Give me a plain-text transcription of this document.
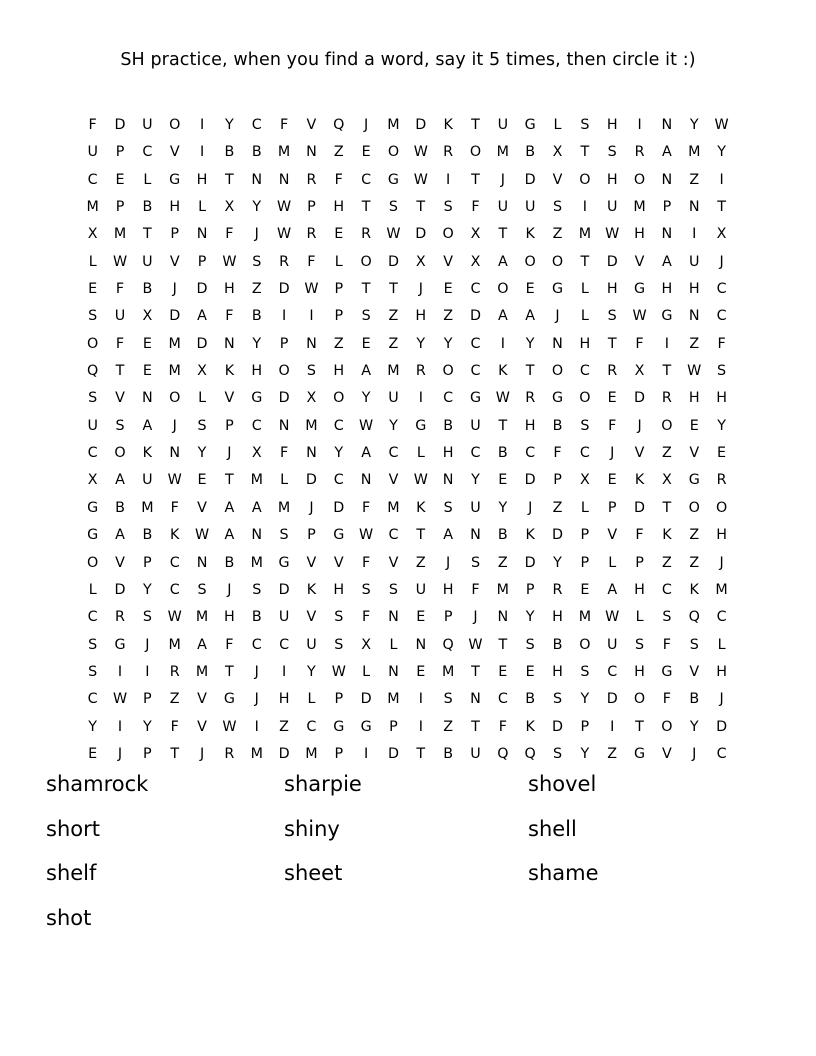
SH practice, when you find a word, say it 5 times, then circle it :)
F	D	U	O	I	Y	C	F	V	Q	J	M	D	K	T	U	G	L	S	H	I	N	Y	W
U	P	C	V	I	B	B	M	N	Z	E	O	W	R	O	M	B	X	T	S	R	A	M	Y
C	E	L	G	H	T	N	N	R	F	C	G	W	I	T	J	D	V	O	H	O	N	Z	I
M	P	B	H	L	X	Y	W	P	H	T	S	T	S	F	U	U	S	I	U	M	P	N	T
X	M	T	P	N	F	J	W	R	E	R	W	D	O	X	T	K	Z	M W	H	N	I	X
L	W	U	V	P	W	S	R	F	L	O	D	X	V	X	A	O	O	T	D	V	A	U	J
E	F	B	J	D	H	Z	D	W	P	T	T	J	E	C	O	E	G	L	H	G	H	H	C
S	U	X	D	A	F	B	I	I	P	S	Z	H	Z	D	A	A	J	L	S	W	G	N	C
O	F	E	M	D	N	Y	P	N	Z	E	Z	Y	Y	C	I	Y	N	H	T	F	I	Z	F
Q	T	E	M	X	K	H	O	S	H	A	M	R	O	C	K	T	O	C	R	X	T	W	S
S	V	N	O	L	V	G	D	X	O	Y	U	I	C	G	W	R	G	O	E	D	R	H	H
U	S	A	J	S	P	C	N	M	C	W	Y	G	B	U	T	H	B	S	F	J	O	E	Y
C	O	K	N	Y	J	X	F	N	Y	A	C	L	H	C	B	C	F	C	J	V	Z	V	E
X	A	U	W	E	T	M	L	D	C	N	V	W	N	Y	E	D	P	X	E	K	X	G	R
G	B	M	F	V	A	A	M	J	D	F	M	K	S	U	Y	J	Z	L	P	D	T	O	O
G	A	B	K	W	A	N	S	P	G	W	C	T	A	N	B	K	D	P	V	F	K	Z	H
O	V	P	C	N	B	M	G	V	V	F	V	Z	J	S	Z	D	Y	P	L	P	Z	Z	J
L	D	Y	C	S	J	S	D	K	H	S	S	U	H	F	M	P	R	E	A	H	C	K	M
C	R	S	W M	H	B	U	V	S	F	N	E	P	J	N	Y	H	M W	L	S	Q	C
S	G	J	M	A	F	C	C	U	S	X	L	N	Q	W	T	S	B	O	U	S	F	S	L
S	I	I	R	M	T	J	I	Y	W	L	N	E	M	T	E	E	H	S	C	H	G	V	H
C	W	P	Z	V	G	J	H	L	P	D	M	I	S	N	C	B	S	Y	D	O	F	B	J
Y	I	Y	F	V	W	I	Z	C	G	G	P	I	Z	T	F	K	D	P	I	T	O	Y	D
E	J	P	T	J	R	M	D	M	P	I	D	T	B	U	Q	Q	S	Y	Z	G	V	J	C
shamrock	sharpie	shovel
short	shiny	shell
shelf	sheet	shame
shot
